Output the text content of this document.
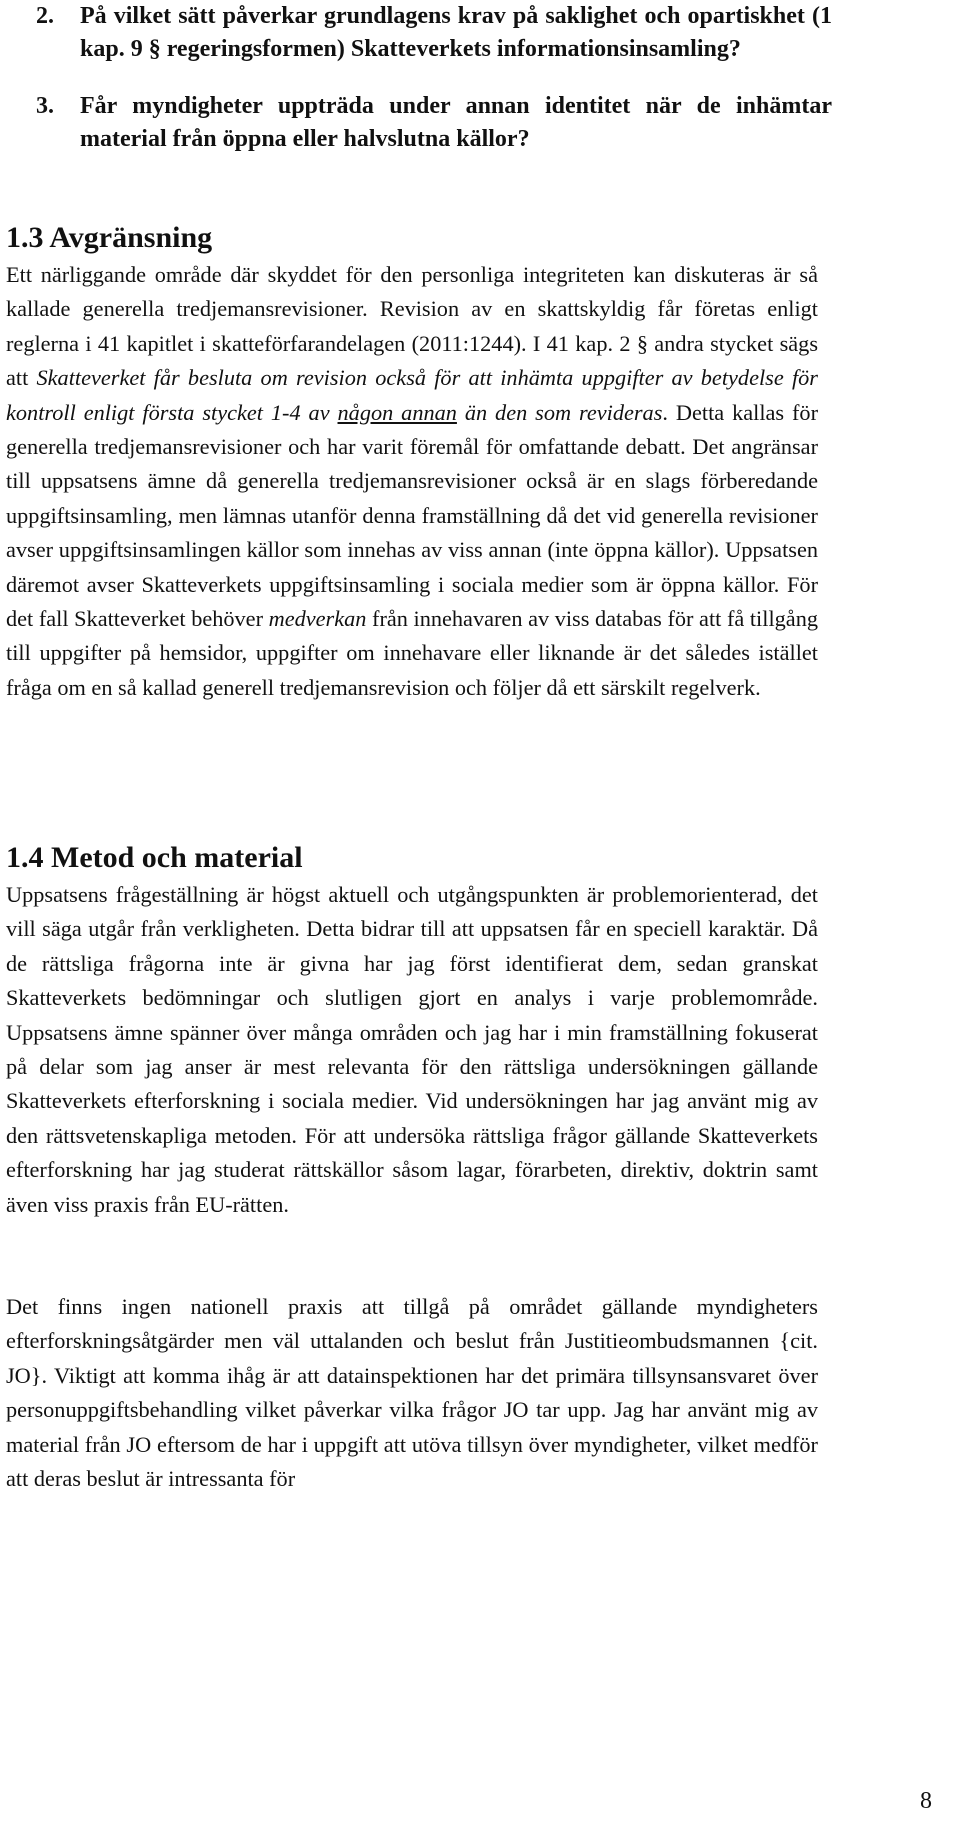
2. På vilket sätt påverkar grundlagens krav på saklighet och opartiskhet (1 kap. 9 § regeringsformen) Skatteverkets informationsinsamling?
3. Får myndigheter uppträda under annan identitet när de inhämtar material från öppna eller halvslutna källor?
1.3 Avgränsning

Ett närliggande område där skyddet för den personliga integriteten kan diskuteras är så kallade generella tredjemansrevisioner. Revision av en skattskyldig får företas enligt reglerna i 41 kapitlet i skatteförfarandelagen (2011:1244). I 41 kap. 2 § andra stycket sägs att Skatteverket får besluta om revision också för att inhämta uppgifter av betydelse för kontroll enligt första stycket 1-4 av någon annan än den som revideras. Detta kallas för generella tredjemansrevisioner och har varit föremål för omfattande debatt. Det angränsar till uppsatsens ämne då generella tredjemansrevisioner också är en slags förberedande uppgiftsinsamling, men lämnas utanför denna framställning då det vid generella revisioner avser uppgiftsinsamlingen källor som innehas av viss annan (inte öppna källor). Uppsatsen däremot avser Skatteverkets uppgiftsinsamling i sociala medier som är öppna källor. För det fall Skatteverket behöver medverkan från innehavaren av viss databas för att få tillgång till uppgifter på hemsidor, uppgifter om innehavare eller liknande är det således istället fråga om en så kallad generell tredjemansrevision och följer då ett särskilt regelverk.

1.4 Metod och material

Uppsatsens frågeställning är högst aktuell och utgångspunkten är problemorienterad, det vill säga utgår från verkligheten. Detta bidrar till att uppsatsen får en speciell karaktär. Då de rättsliga frågorna inte är givna har jag först identifierat dem, sedan granskat Skatteverkets bedömningar och slutligen gjort en analys i varje problemområde. Uppsatsens ämne spänner över många områden och jag har i min framställning fokuserat på delar som jag anser är mest relevanta för den rättsliga undersökningen gällande Skatteverkets efterforskning i sociala medier. Vid undersökningen har jag använt mig av den rättsvetenskapliga metoden. För att undersöka rättsliga frågor gällande Skatteverkets efterforskning har jag studerat rättskällor såsom lagar, förarbeten, direktiv, doktrin samt även viss praxis från EU-rätten.

Det finns ingen nationell praxis att tillgå på området gällande myndigheters efterforskningsåtgärder men väl uttalanden och beslut från Justitieombudsmannen {cit. JO}. Viktigt att komma ihåg är att datainspektionen har det primära tillsynsansvaret över personuppgiftsbehandling vilket påverkar vilka frågor JO tar upp. Jag har använt mig av material från JO eftersom de har i uppgift att utöva tillsyn över myndigheter, vilket medför att deras beslut är intressanta för

8
